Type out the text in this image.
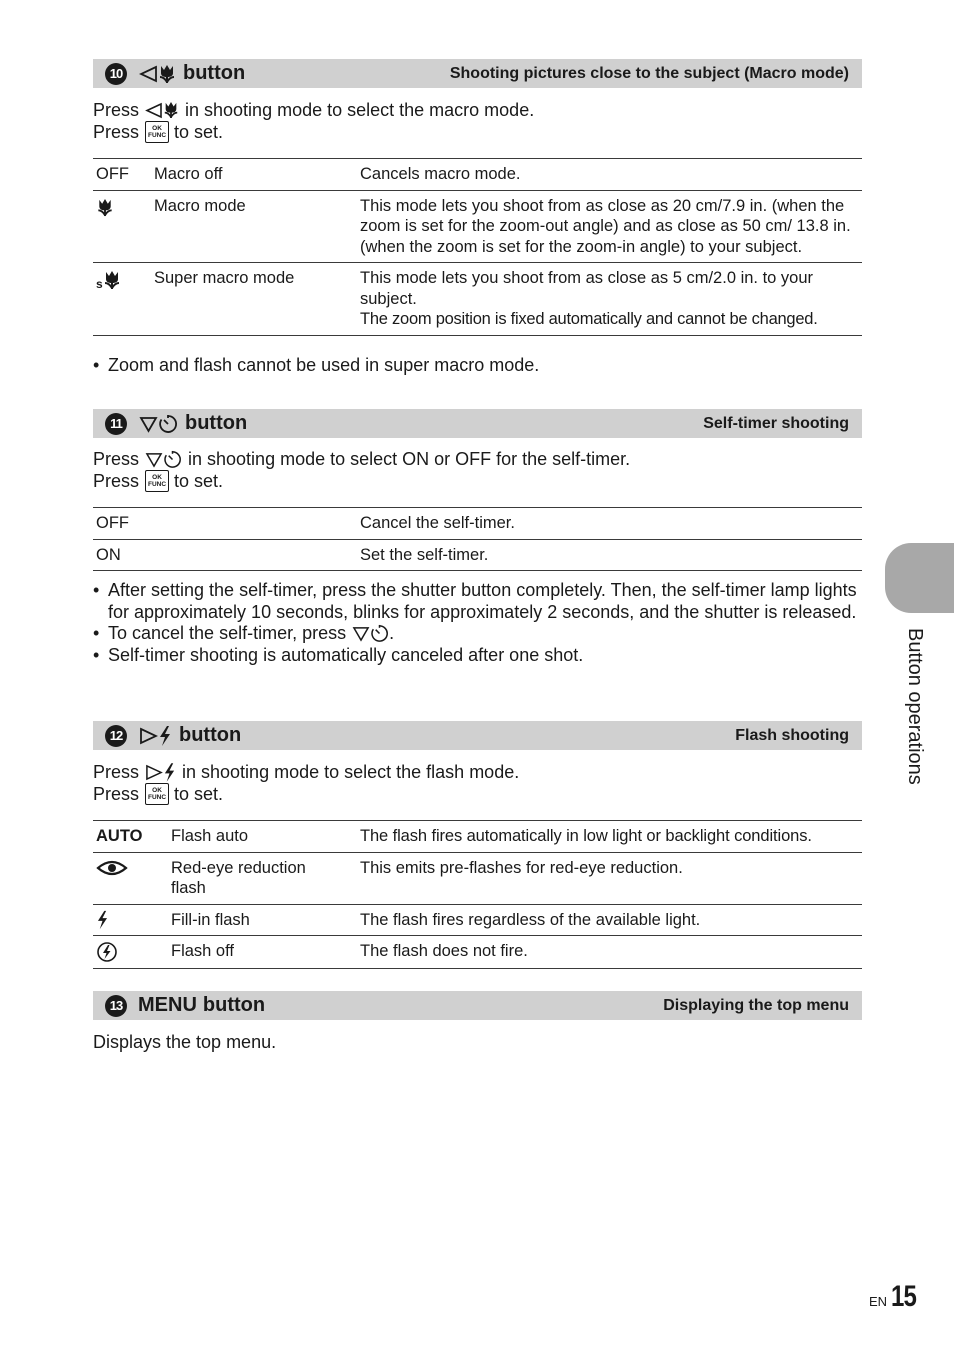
10	button	Shooting pictures close to the subject (Macro mode)
Press	in shooting mode to select the macro mode.
Press OK
FUNC to set.
OFF	Macro off	Cancels macro mode.

	Macro mode	This mode lets you shoot from as close as 20 cm/7.9 in. (when the zoom is set for the zoom-out angle) and as close as 50 cm/ 13.8 in. (when the zoom is set for the zoom-in angle) to your subject.

s	Super macro mode	This mode lets you shoot from as close as 5 cm/2.0 in. to your subject.
The zoom position is fixed automatically and cannot be changed.
• Zoom and flash cannot be used in super macro mode.
11	button	Self-timer shooting
Press	in shooting mode to select ON or OFF for the self-timer.
Press OK
FUNC to set.
OFF	Cancel the self-timer.
ON	Set the self-timer.
• After setting the self-timer, press the shutter button completely. Then, the self-timer lamp lights for approximately 10 seconds, blinks for approximately 2 seconds, and the shutter is released.
• To cancel the self-timer, press .
• Self-timer shooting is automatically canceled after one shot.
12	button	Flash shooting
Press in shooting mode to select the flash mode.
Press OK
FUNC to set.
AUTO	Flash auto	The flash fires automatically in low light or backlight conditions.

	Red-eye reduction flash	This emits pre-flashes for red-eye reduction.

	Fill-in flash	The flash fires regardless of the available light.

	Flash off	The flash does not fire.
13 MENU button	Displaying the top menu
Displays the top menu.
Button operations
EN 15
